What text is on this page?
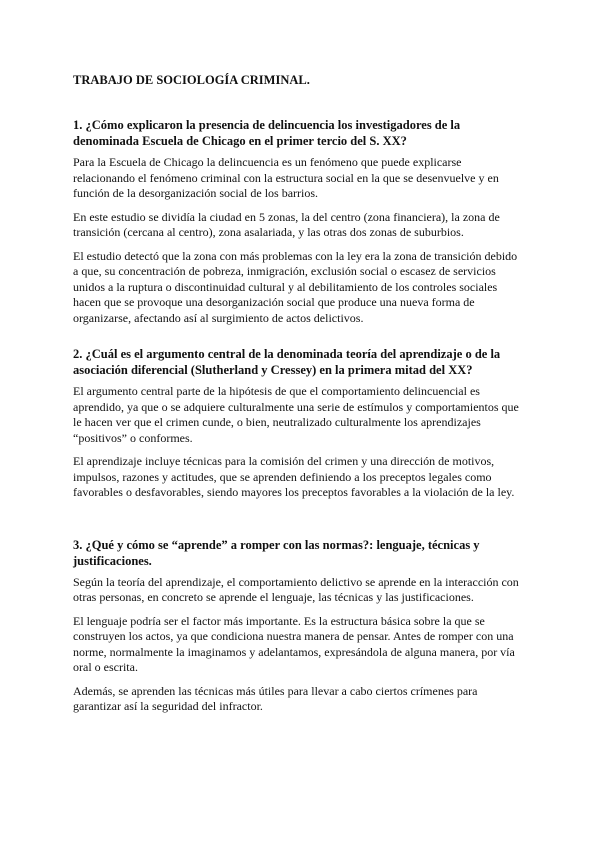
TRABAJO DE SOCIOLOGÍA CRIMINAL.
1. ¿Cómo explicaron la presencia de delincuencia los investigadores de la denominada Escuela de Chicago en el primer tercio del S. XX?

Para la Escuela de Chicago la delincuencia es un fenómeno que puede explicarse relacionando el fenómeno criminal con la estructura social en la que se desenvuelve y en función de la desorganización social de los barrios.

En este estudio se dividía la ciudad en 5 zonas, la del centro (zona financiera), la zona de transición (cercana al centro), zona asalariada, y las otras dos zonas de suburbios.

El estudio detectó que la zona con más problemas con la ley era la zona de transición debido a que, su concentración de pobreza, inmigración, exclusión social o escasez de servicios unidos a la ruptura o discontinuidad cultural y al debilitamiento de los controles sociales hacen que se provoque una desorganización social que produce una nueva forma de organizarse, afectando así al surgimiento de actos delictivos.

2. ¿Cuál es el argumento central de la denominada teoría del aprendizaje o de la asociación diferencial (Slutherland y Cressey) en la primera mitad del XX?

El argumento central parte de la hipótesis de que el comportamiento delincuencial es aprendido, ya que o se adquiere culturalmente una serie de estímulos y comportamientos que le hacen ver que el crimen cunde, o bien, neutralizado culturalmente los aprendizajes “positivos” o conformes.

El aprendizaje incluye técnicas para la comisión del crimen y una dirección de motivos, impulsos, razones y actitudes, que se aprenden definiendo a los preceptos legales como favorables o desfavorables, siendo mayores los preceptos favorables a la violación de la ley.

3. ¿Qué y cómo se “aprende” a romper con las normas?: lenguaje, técnicas y justificaciones.

Según la teoría del aprendizaje, el comportamiento delictivo se aprende en la interacción con otras personas, en concreto se aprende el lenguaje, las técnicas y las justificaciones.

El lenguaje podría ser el factor más importante. Es la estructura básica sobre la que se construyen los actos, ya que condiciona nuestra manera de pensar. Antes de romper con una norme, normalmente la imaginamos y adelantamos, expresándola de alguna manera, por vía oral o escrita.

Además, se aprenden las técnicas más útiles para llevar a cabo ciertos crímenes para garantizar así la seguridad del infractor.
